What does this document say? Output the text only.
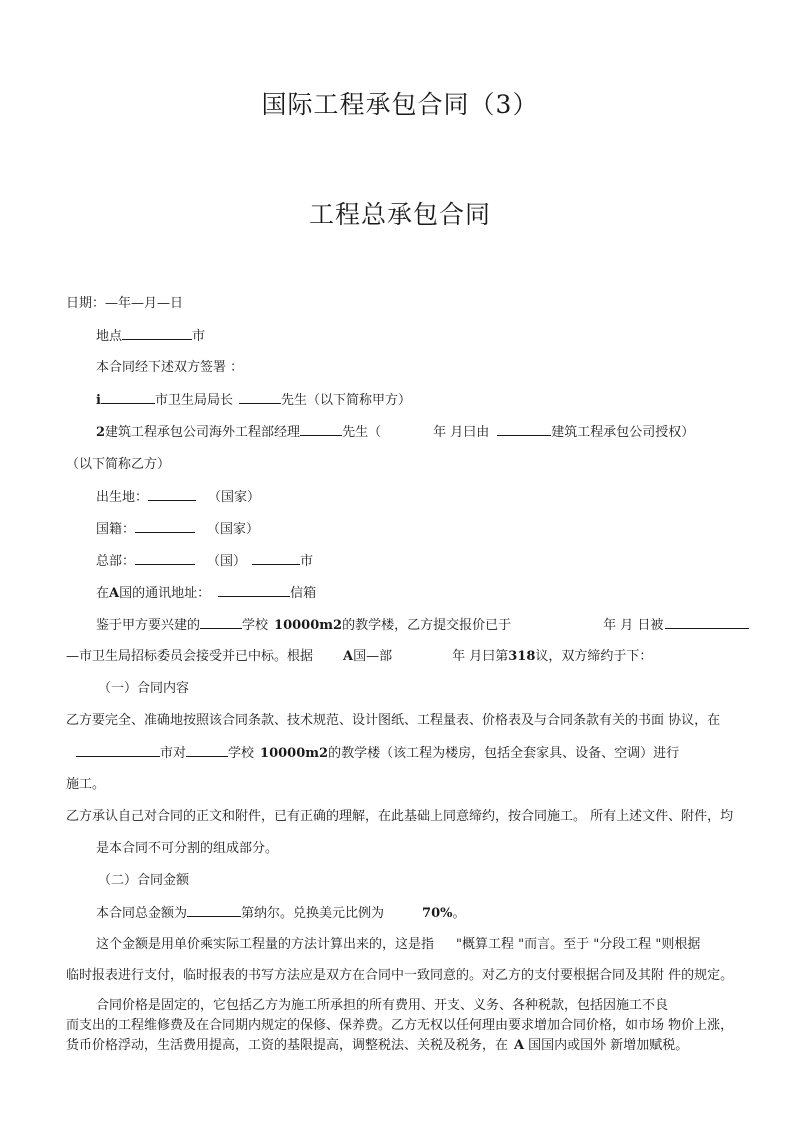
国际工程承包合同（3）
工程总承包合同
日期：—年—月—日
地点	市
本合同经下述双方签署 ：
i	市卫生局局长	先生（以下简称甲方）
2建筑工程承包公司海外工程部经理	先生（	年 月曰由	建筑工程承包公司授权）
（以下简称乙方）
出生地：	（国家）
国籍：	（国家）
总部：	（国）	市
在A国的通讯地址：	信箱
鉴于甲方要兴建的	学校 10000m2的教学楼，乙方提交报价已于	年 月 日被
—市卫生局招标委员会接受并已中标。根据 A国—部	年 月曰第318议，双方缔约于下：
（一）合同内容
乙方要完全、准确地按照该合同条款、技术规范、设计图纸、工程量表、价格表及与合同条款有关的书面 协议，在
市对	学校 10000m2的教学楼（该工程为楼房，包括全套家具、设备、空调）进行
施工。
乙方承认自己对合同的正文和附件，已有正确的理解，在此基础上同意缔约，按合同施工。 所有上述文件、附件，均
是本合同不可分割的组成部分。
（二）合同金额
本合同总金额为	第纳尔。兑换美元比例为	70%。
这个金额是用单价乘实际工程量的方法计算出来的，这是指 "概算工程 "而言。至于 "分段工程 "则根据
临时报表进行支付，临时报表的书写方法应是双方在合同中一致同意的。对乙方的支付要根据合同及其附 件的规定。
合同价格是固定的，它包括乙方为施工所承担的所有费用、开支、义务、各种税款，包括因施工不良
而支出的工程维修费及在合同期内规定的保修、保养费。乙方无权以任何理由要求增加合同价格，如市场 物价上涨，
货币价格浮动，生活费用提高，工资的基限提高，调整税法、关税及税务，在 A 国国内或国外 新增加赋税。
